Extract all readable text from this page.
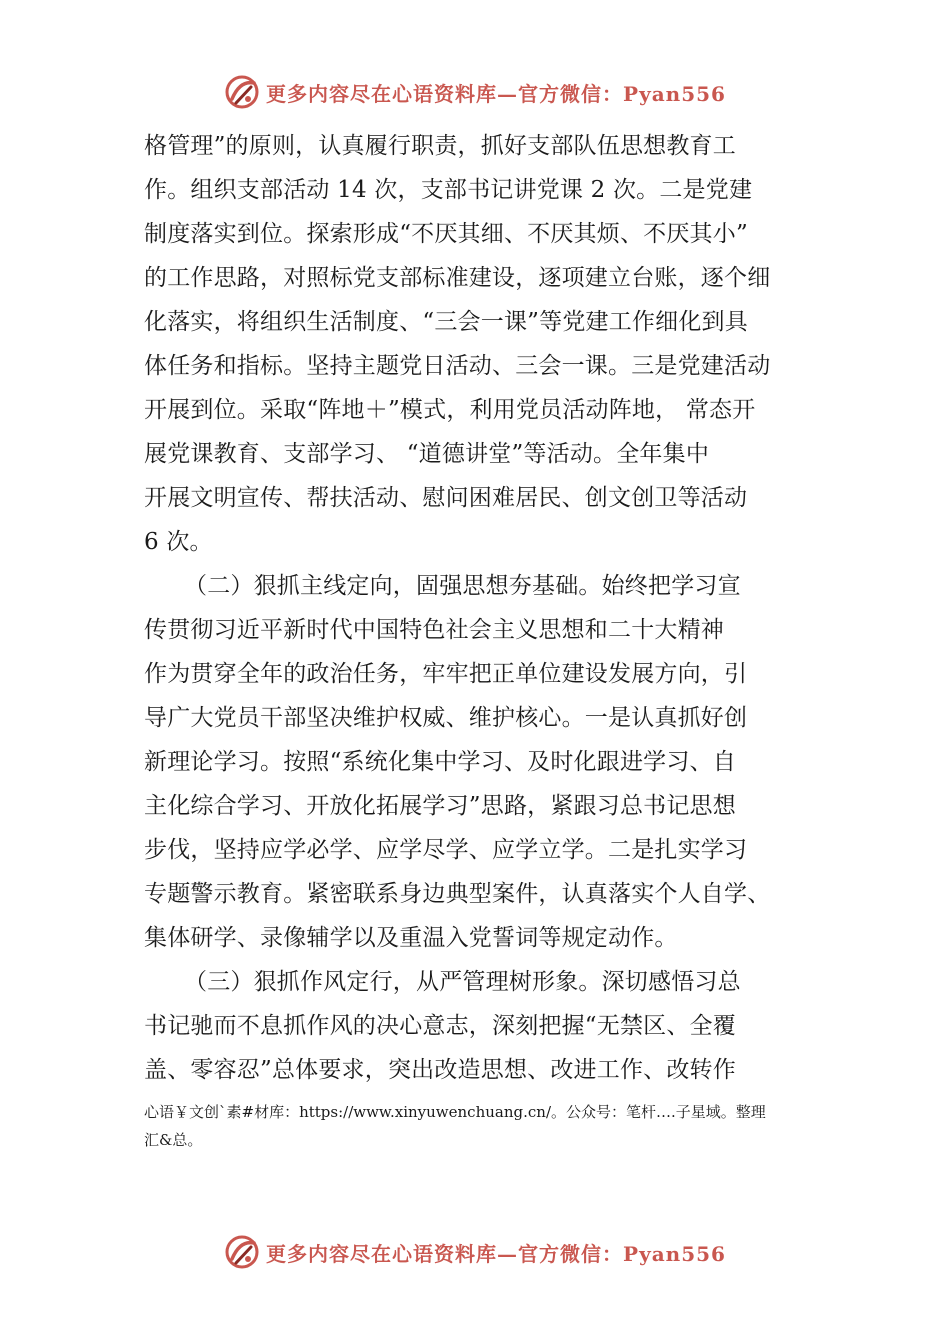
更多内容尽在心语资料库—官方微信：Pyan556
格管理”的原则，认真履行职责，抓好支部队伍思想教育工
作。组织支部活动 14 次，支部书记讲党课 2 次。二是党建
制度落实到位。探索形成“不厌其细、不厌其烦、不厌其小”
的工作思路，对照标党支部标准建设，逐项建立台账，逐个细
化落实，将组织生活制度、“三会一课”等党建工作细化到具
体任务和指标。坚持主题党日活动、三会一课。三是党建活动
开展到位。采取“阵地＋”模式，利用党员活动阵地， 常态开
展党课教育、支部学习、 “道德讲堂”等活动。全年集中
开展文明宣传、帮扶活动、慰问困难居民、创文创卫等活动
6 次。
（二）狠抓主线定向，固强思想夯基础。始终把学习宣
传贯彻习近平新时代中国特色社会主义思想和二十大精神
作为贯穿全年的政治任务，牢牢把正单位建设发展方向，引
导广大党员干部坚决维护权威、维护核心。一是认真抓好创
新理论学习。按照“系统化集中学习、及时化跟进学习、自
主化综合学习、开放化拓展学习”思路，紧跟习总书记思想
步伐，坚持应学必学、应学尽学、应学立学。二是扎实学习
专题警示教育。紧密联系身边典型案件，认真落实个人自学、
集体研学、录像辅学以及重温入党誓词等规定动作。
（三）狠抓作风定行，从严管理树形象。深切感悟习总
书记驰而不息抓作风的决心意志，深刻把握“无禁区、全覆
盖、零容忍”总体要求，突出改造思想、改进工作、改转作
心语￥文创`素#材库：https://www.xinyuwenchuang.cn/。公众号：笔杆….子星域。整理
汇&总。
更多内容尽在心语资料库—官方微信：Pyan556
